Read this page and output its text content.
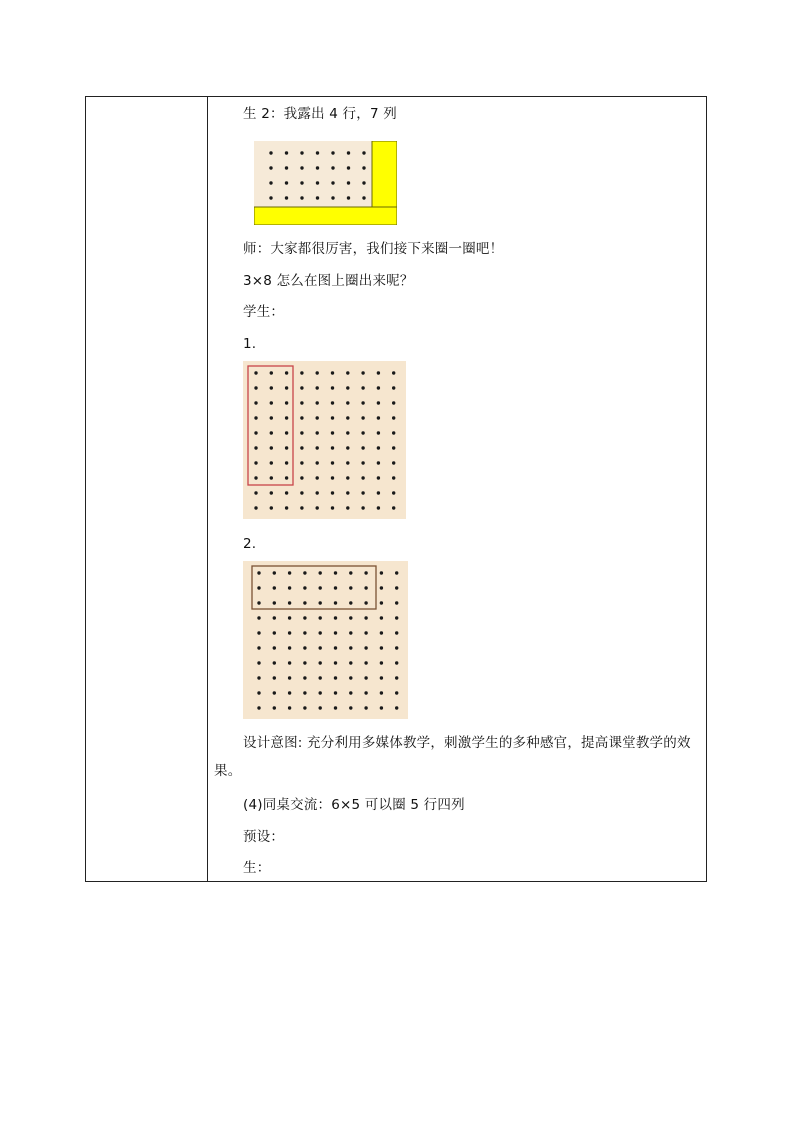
生 2：我露出 4 行，7 列
师：大家都很厉害，我们接下来圈一圈吧！
3×8 怎么在图上圈出来呢？
学生：
1.
2.
设计意图: 充分利用多媒体教学，刺激学生的多种感官，提高课堂教学的效
果。
(4)同桌交流：6×5 可以圈 5 行四列
预设：
生：
